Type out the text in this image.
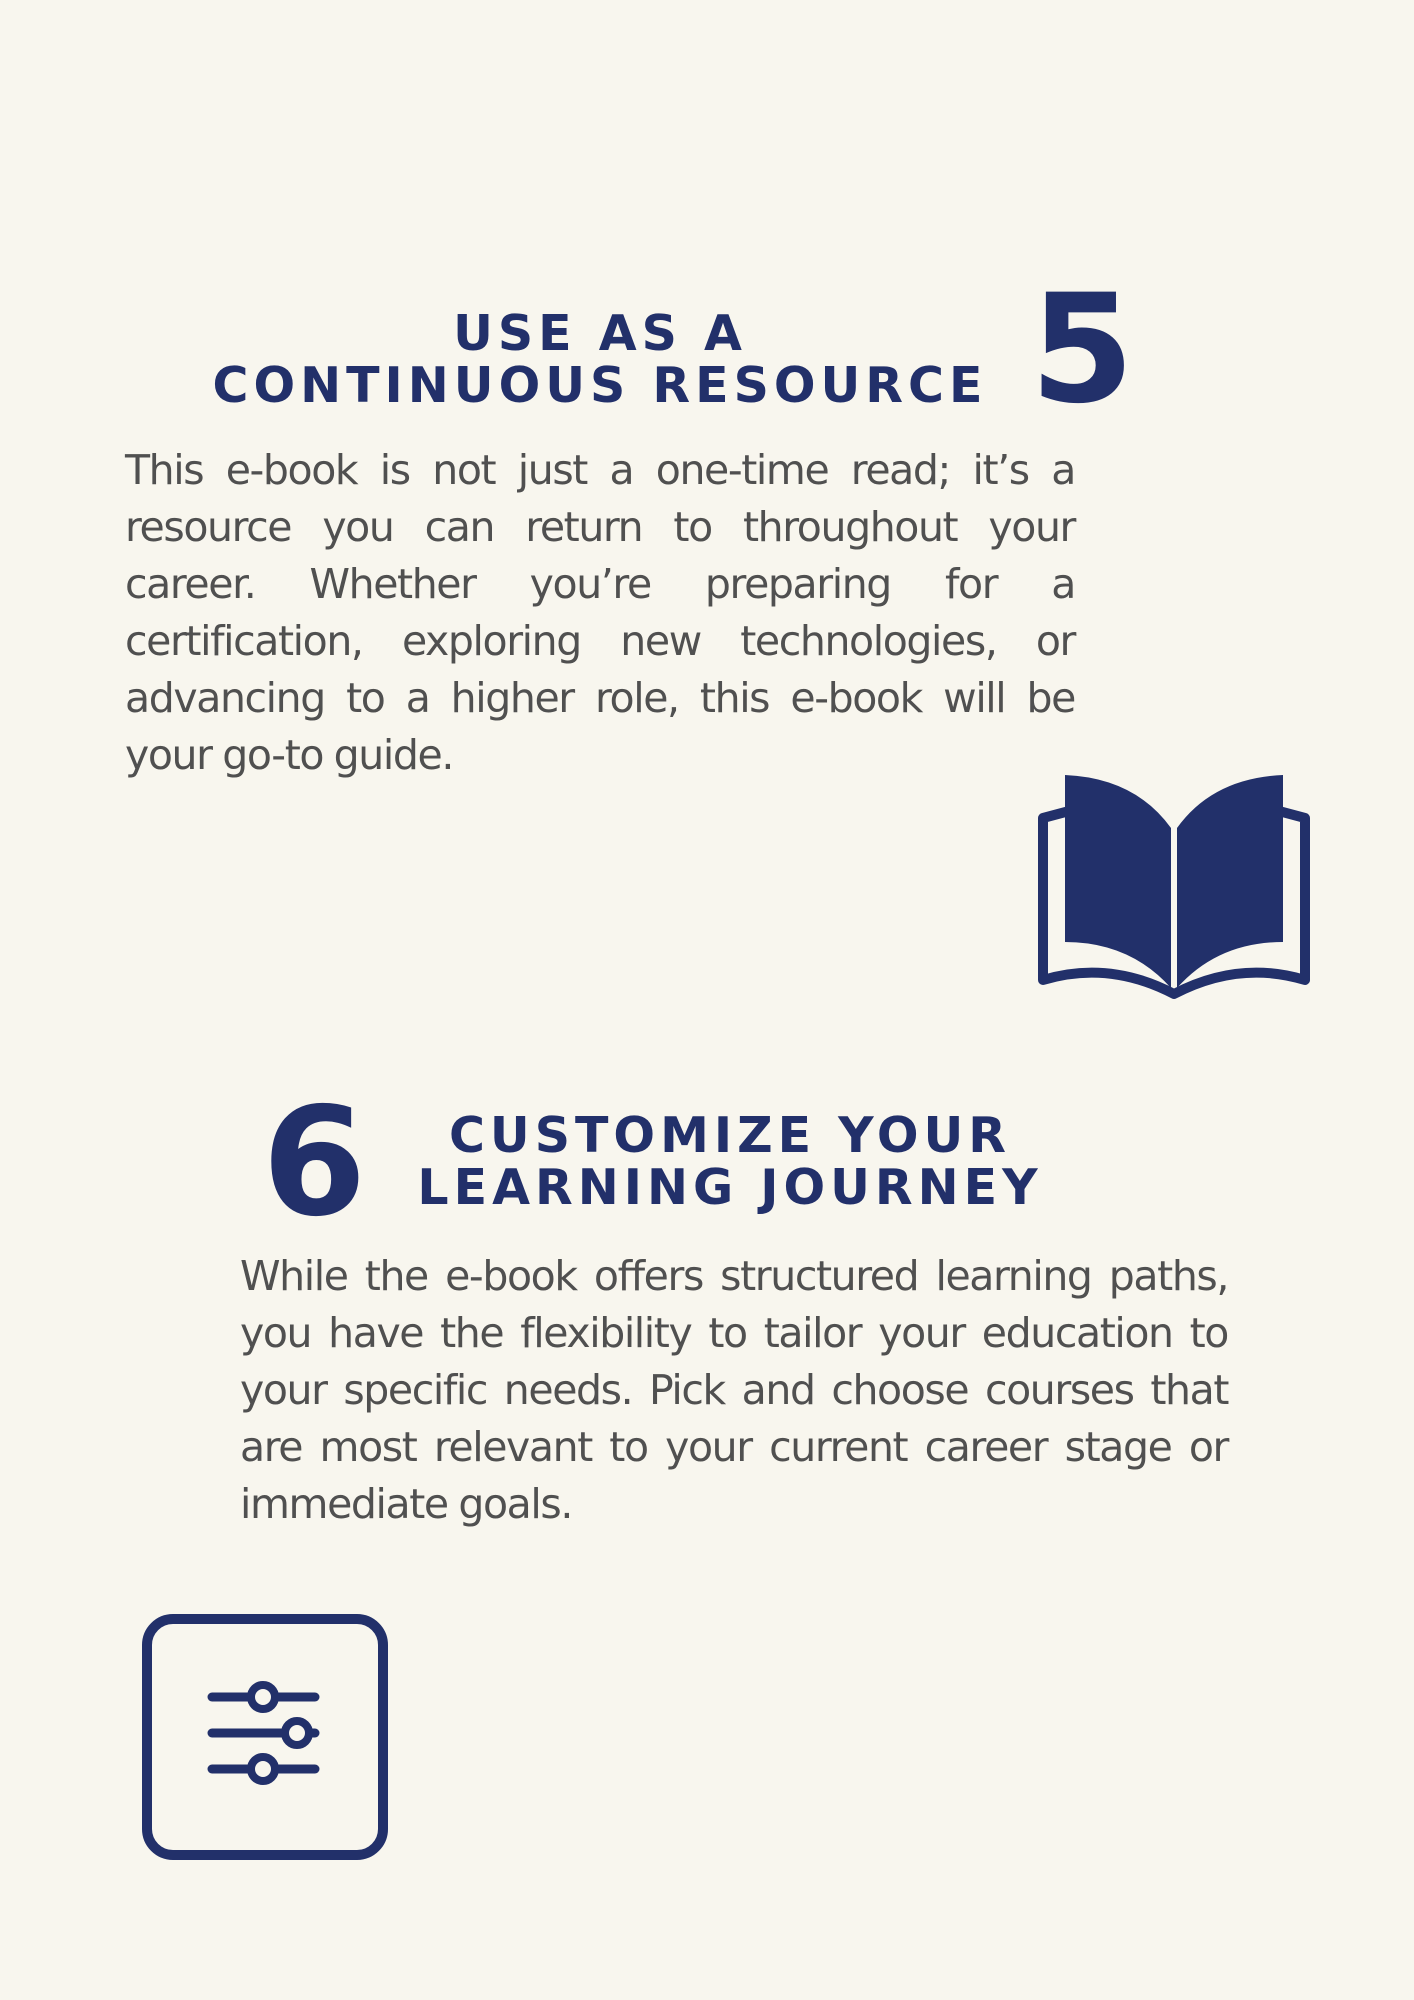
USE AS A
CONTINUOUS RESOURCE 5

This e-book is not just a one-time read; it’s a resource you can return to throughout your career. Whether you’re preparing for a certification, exploring new technologies, or advancing to a higher role, this e-book will be your go-to guide.

6	CUSTOMIZE YOUR
LEARNING JOURNEY

While the e-book offers structured learning paths, you have the flexibility to tailor your education to your specific needs. Pick and choose courses that are most relevant to your current career stage or immediate goals.
